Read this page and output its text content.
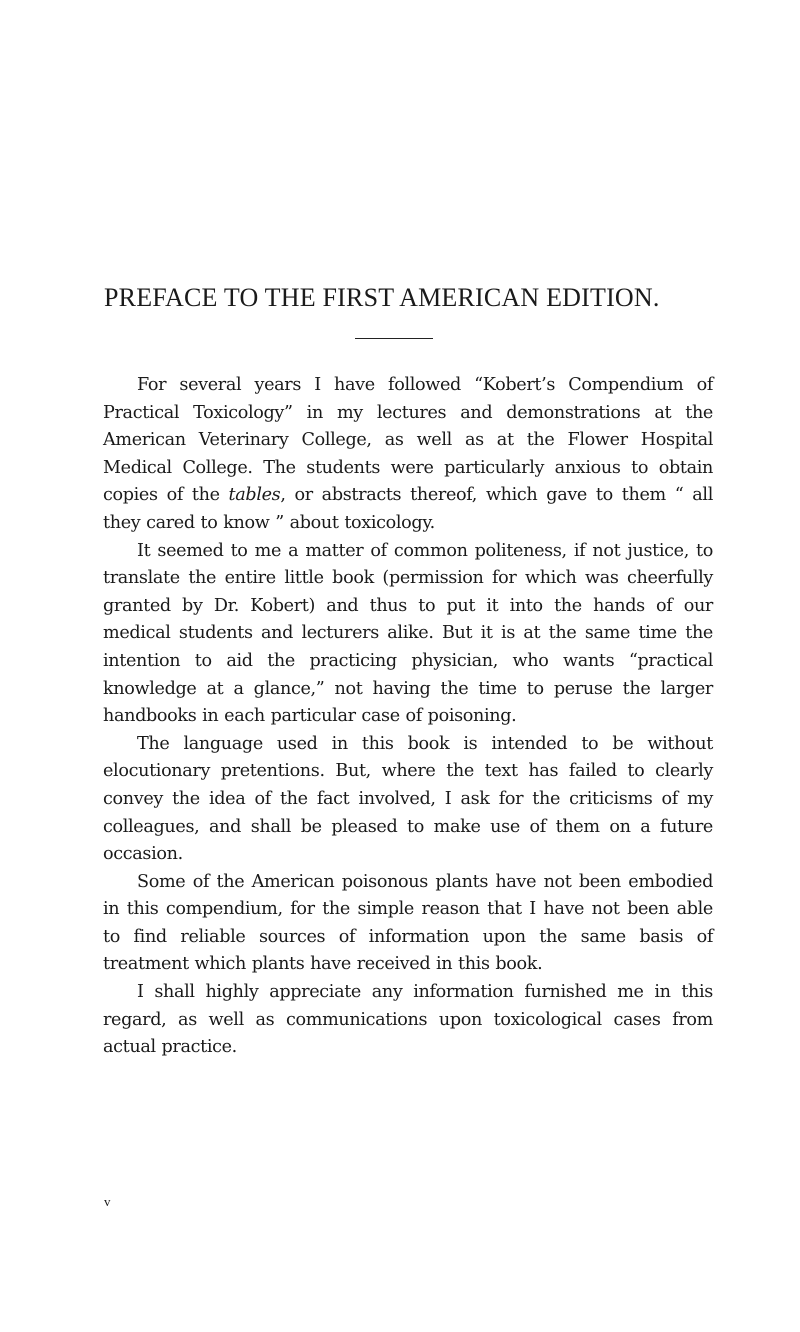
PREFACE TO THE FIRST AMERICAN EDITION.

For several years I have followed “Kobert’s Compendium of Practical Toxicology” in my lectures and demonstrations at the American Veterinary College, as well as at the Flower Hospital Medical College. The students were particularly anxious to obtain copies of the tables, or abstracts thereof, which gave to them “ all they cared to know ” about toxicology.

It seemed to me a matter of common politeness, if not justice, to translate the entire little book (permission for which was cheerfully granted by Dr. Kobert) and thus to put it into the hands of our medical students and lecturers alike. But it is at the same time the intention to aid the practicing physician, who wants “practical knowledge at a glance,” not having the time to peruse the larger handbooks in each particular case of poisoning.

The language used in this book is intended to be without elocutionary pretentions. But, where the text has failed to clearly convey the idea of the fact involved, I ask for the criticisms of my colleagues, and shall be pleased to make use of them on a future occasion.

Some of the American poisonous plants have not been embodied in this compendium, for the simple reason that I have not been able to find reliable sources of information upon the same basis of treatment which plants have received in this book.

I shall highly appreciate any information furnished me in this regard, as well as communications upon toxicological cases from actual practice.

v
